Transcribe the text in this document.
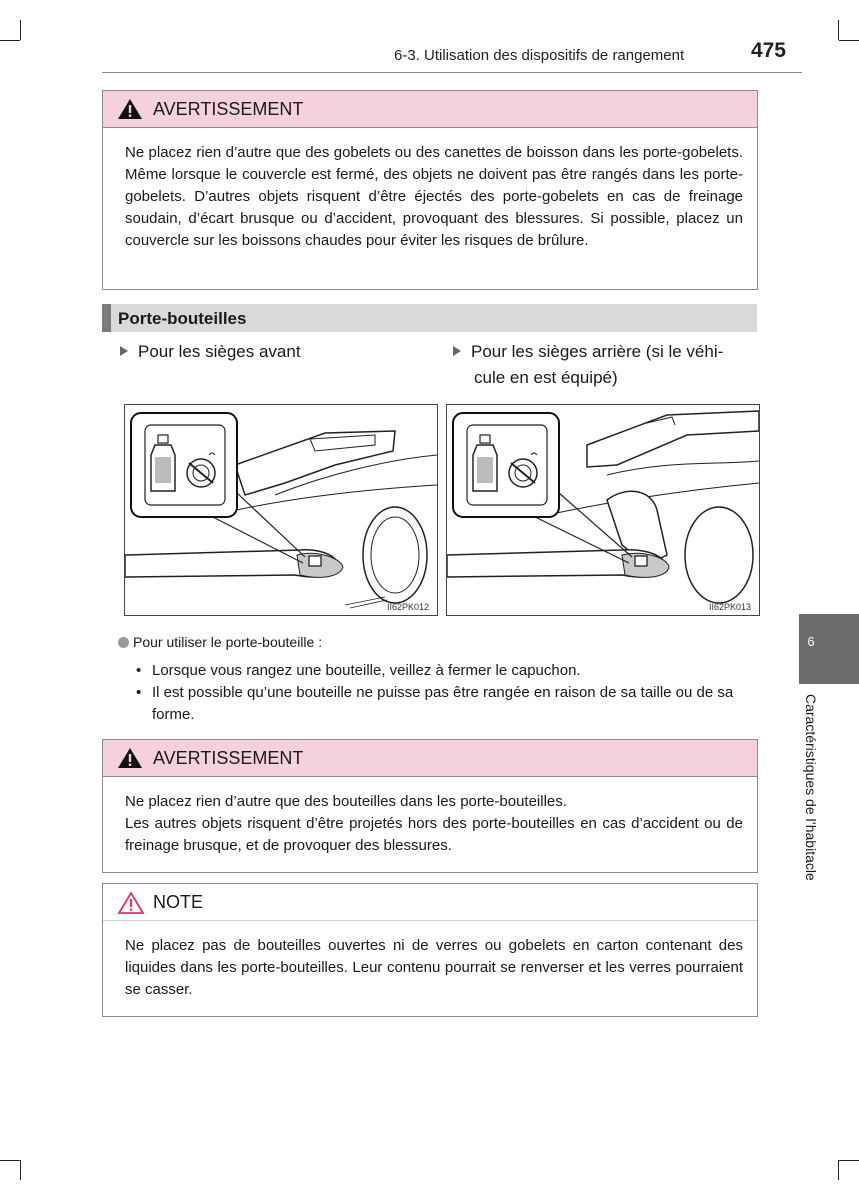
6-3. Utilisation des dispositifs de rangement	475
AVERTISSEMENT
Ne placez rien d’autre que des gobelets ou des canettes de boisson dans les porte-gobelets. Même lorsque le couvercle est fermé, des objets ne doivent pas être rangés dans les porte-gobelets. D’autres objets risquent d’être éjectés des porte-gobelets en cas de freinage soudain, d’écart brusque ou d’accident, provoquant des blessures. Si possible, placez un couvercle sur les boissons chaudes pour éviter les risques de brûlure.
Porte-bouteilles
Pour les sièges avant	Pour les sièges arrière (si le véhi-
cule en est équipé)
II62PK012	II62PK013
Pour utiliser le porte-bouteille :
• Lorsque vous rangez une bouteille, veillez à fermer le capuchon.
• Il est possible qu’une bouteille ne puisse pas être rangée en raison de sa taille ou de sa forme.
AVERTISSEMENT
Ne placez rien d’autre que des bouteilles dans les porte-bouteilles.
Les autres objets risquent d’être projetés hors des porte-bouteilles en cas d’accident ou de freinage brusque, et de provoquer des blessures.
NOTE
Ne placez pas de bouteilles ouvertes ni de verres ou gobelets en carton contenant des liquides dans les porte-bouteilles. Leur contenu pourrait se renverser et les verres pourraient se casser.
6
Caractéristiques de l’habitacle
